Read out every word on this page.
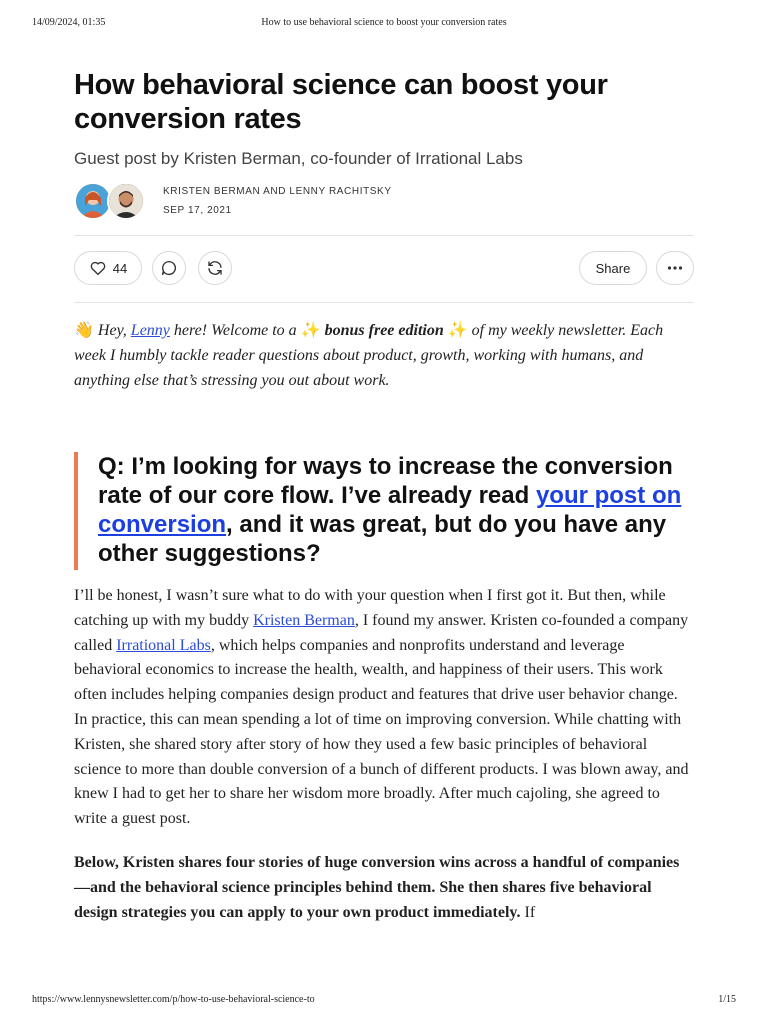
14/09/2024, 01:35	How to use behavioral science to boost your conversion rates
How behavioral science can boost your conversion rates
Guest post by Kristen Berman, co-founder of Irrational Labs
KRISTEN BERMAN AND LENNY RACHITSKY
SEP 17, 2021
44	Share
👋 Hey, Lenny here! Welcome to a ✨ bonus free edition ✨ of my weekly newsletter. Each week I humbly tackle reader questions about product, growth, working with humans, and anything else that’s stressing you out about work.
Q: I’m looking for ways to increase the conversion rate of our core flow. I’ve already read your post on conversion, and it was great, but do you have any other suggestions?

I’ll be honest, I wasn’t sure what to do with your question when I first got it. But then, while catching up with my buddy Kristen Berman, I found my answer. Kristen co-founded a company called Irrational Labs, which helps companies and nonprofits understand and leverage behavioral economics to increase the health, wealth, and happiness of their users. This work often includes helping companies design product and features that drive user behavior change. In practice, this can mean spending a lot of time on improving conversion. While chatting with Kristen, she shared story after story of how they used a few basic principles of behavioral science to more than double conversion of a bunch of different products. I was blown away, and knew I had to get her to share her wisdom more broadly. After much cajoling, she agreed to write a guest post.

Below, Kristen shares four stories of huge conversion wins across a handful of companies—and the behavioral science principles behind them. She then shares five behavioral design strategies you can apply to your own product immediately. If

https://www.lennysnewsletter.com/p/how-to-use-behavioral-science-to	1/15
